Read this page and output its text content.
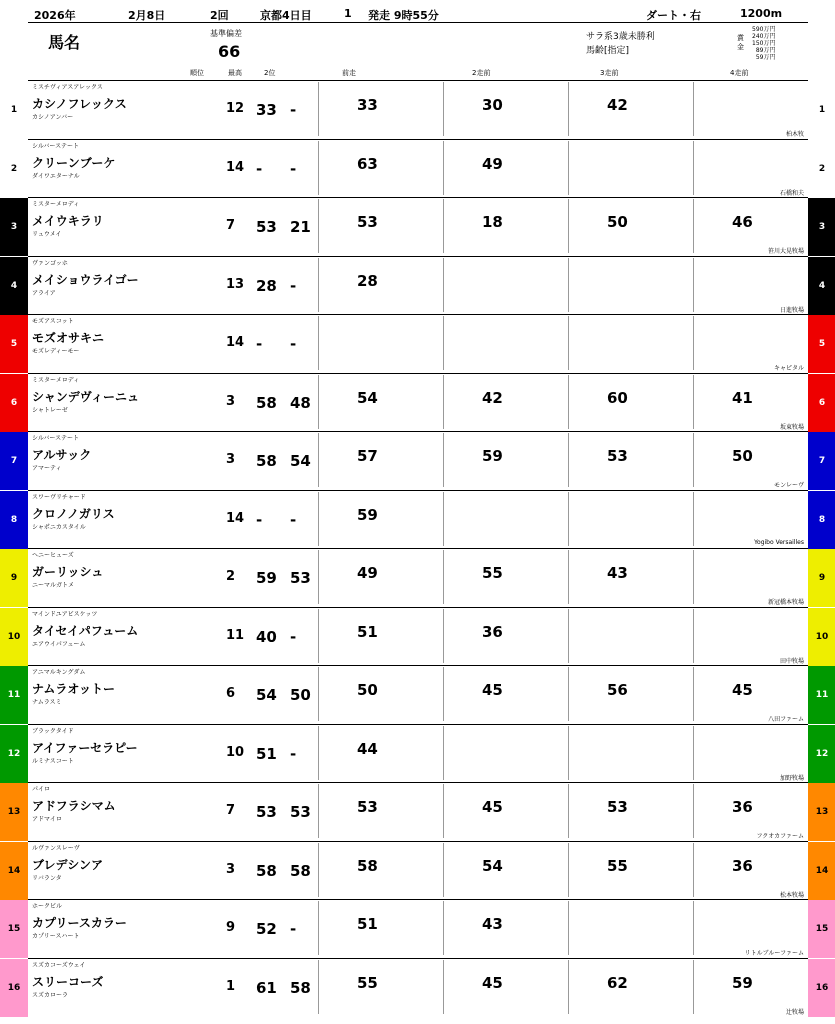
2026年	2月8日	2回	京都4日目	1 発走 9時55分	ダート・右	1200m
馬名	基準偏差
66
サラ系3歳未勝利
馬齢[指定]
賞金
590万円
240万円
150万円
89万円
59万円
順位	最高	2位	前走	2走前	3走前	4走前
1	1
ミスチヴィアスアレックス
カシノフレックス
カシノアンバー
柏木牧
12 33 -	33	30	42
2	2
シルバーステート
クリーンブーケ
ダイワエターナル
石橋和夫
14 - -	63	49
3	3
ミスターメロディ
メイウキラリ
リュウメイ
笹川大晃牧場
7 53 21	53	18	50	46
4	4
ヴァンゴッホ
メイショウライゴー
アライア
日進牧場
13 28 -	28
5	5
モズアスコット
モズオサキニ
モズレディーモー
キャピタル
14 - -
6	6
ミスターメロディ
シャンデヴィーニュ
シャトレーゼ
坂東牧場
3 58 48	54	42	60	41
7	7
シルバーステート
アルサック
アマーティ
モンレーヴ
3 58 54	57	59	53	50
8	8
スワーヴリチャード
クロノノガリス
シャポニカスタイル
Yogibo Versailles
14 - -	59
9	9
ヘニーヒューズ
ガーリッシュ
ニーマルガトメ
新冠橋本牧場
2 59 53	49	55	43
10	10
マインドユアビスケッツ
タイセイパフューム
エアウイパフューム
田中牧場
11 40 -	51	36
11	11
アニマルキングダム
ナムラオットー
ナムラスミ
八田ファーム
6 54 50	50	45	56	45
12	12
ブラックタイド
アイファーセラピー
ルミナスコート
加野牧場
10 51 -	44
13	13
パイロ
アドフラシマム
アドマイロ
フクオカファーム
7 53 53	53	45	53	36
14	14
ルヴァンスレーヴ
ブレデシンア
リバランタ
松本牧場
3 58 58	58	54	55	36
15	15
ホークビル
カプリースカラー
カプリースハート
リトルブルーファーム
9 52 -	51	43
16	16
スズカコーズウェイ
スリーコーズ
スズカローラ
辻牧場
1 61 58	55	45	62	59
